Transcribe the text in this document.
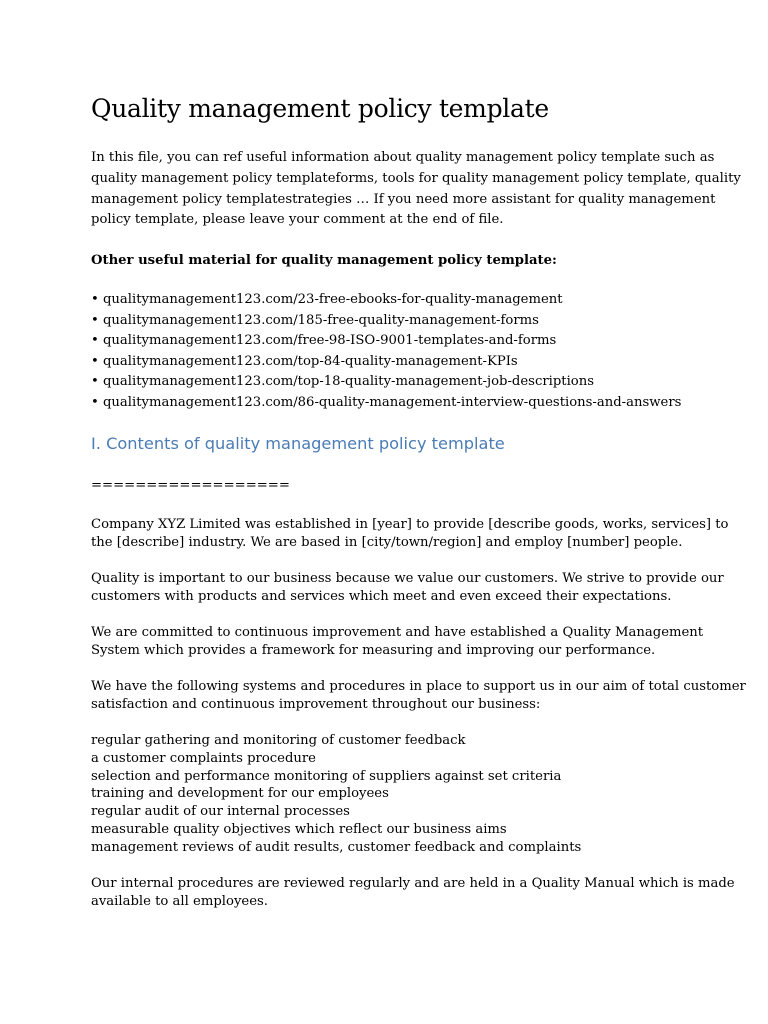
Quality management policy template

In this file, you can ref useful information about quality management policy template such as
quality management policy templateforms, tools for quality management policy template, quality
management policy templatestrategies … If you need more assistant for quality management
policy template, please leave your comment at the end of file.

Other useful material for quality management policy template:

• qualitymanagement123.com/23-free-ebooks-for-quality-management
• qualitymanagement123.com/185-free-quality-management-forms
• qualitymanagement123.com/free-98-ISO-9001-templates-and-forms
• qualitymanagement123.com/top-84-quality-management-KPIs
• qualitymanagement123.com/top-18-quality-management-job-descriptions
• qualitymanagement123.com/86-quality-management-interview-questions-and-answers
I. Contents of quality management policy template

==================

Company XYZ Limited was established in [year] to provide [describe goods, works, services] to
the [describe] industry. We are based in [city/town/region] and employ [number] people.

Quality is important to our business because we value our customers. We strive to provide our
customers with products and services which meet and even exceed their expectations.

We are committed to continuous improvement and have established a Quality Management
System which provides a framework for measuring and improving our performance.

We have the following systems and procedures in place to support us in our aim of total customer
satisfaction and continuous improvement throughout our business:

regular gathering and monitoring of customer feedback
a customer complaints procedure
selection and performance monitoring of suppliers against set criteria
training and development for our employees
regular audit of our internal processes
measurable quality objectives which reflect our business aims
management reviews of audit results, customer feedback and complaints

Our internal procedures are reviewed regularly and are held in a Quality Manual which is made
available to all employees.
